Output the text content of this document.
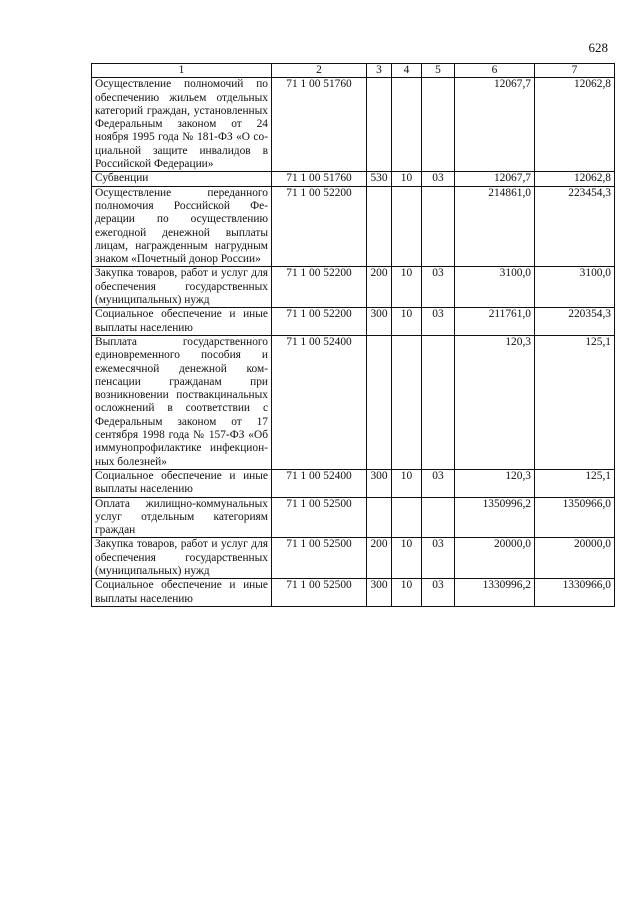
628
1	2	3	4	5	6	7
Осуществление полномочий по обеспечению жильем отдельных категорий граждан, установленных Федеральным законом от 24 ноября 1995 года № 181-ФЗ «О социальной защите инвалидов в Российской Федерации»	71 1 00 51760				12067,7	12062,8
Субвенции	71 1 00 51760	530	10	03	12067,7	12062,8
Осуществление переданного полномочия Российской Федерации по осуществлению ежегодной денежной выплаты лицам, награжденным нагрудным знаком «Почетный донор России»	71 1 00 52200				214861,0	223454,3
Закупка товаров, работ и услуг для обеспечения государственных (муниципальных) нужд	71 1 00 52200	200	10	03	3100,0	3100,0
Социальное обеспечение и иные выплаты населению	71 1 00 52200	300	10	03	211761,0	220354,3
Выплата государственного единовременного пособия и ежемесячной денежной компенсации гражданам при возникновении поствакцинальных осложнений в соответствии с Федеральным законом от 17 сентября 1998 года № 157-ФЗ «Об иммунопрофилактике инфекционных болезней»	71 1 00 52400				120,3	125,1
Социальное обеспечение и иные выплаты населению	71 1 00 52400	300	10	03	120,3	125,1
Оплата жилищно-коммунальных услуг отдельным категориям граждан	71 1 00 52500				1350996,2	1350966,0
Закупка товаров, работ и услуг для обеспечения государственных (муниципальных) нужд	71 1 00 52500	200	10	03	20000,0	20000,0
Социальное обеспечение и иные выплаты населению	71 1 00 52500	300	10	03	1330996,2	1330966,0
